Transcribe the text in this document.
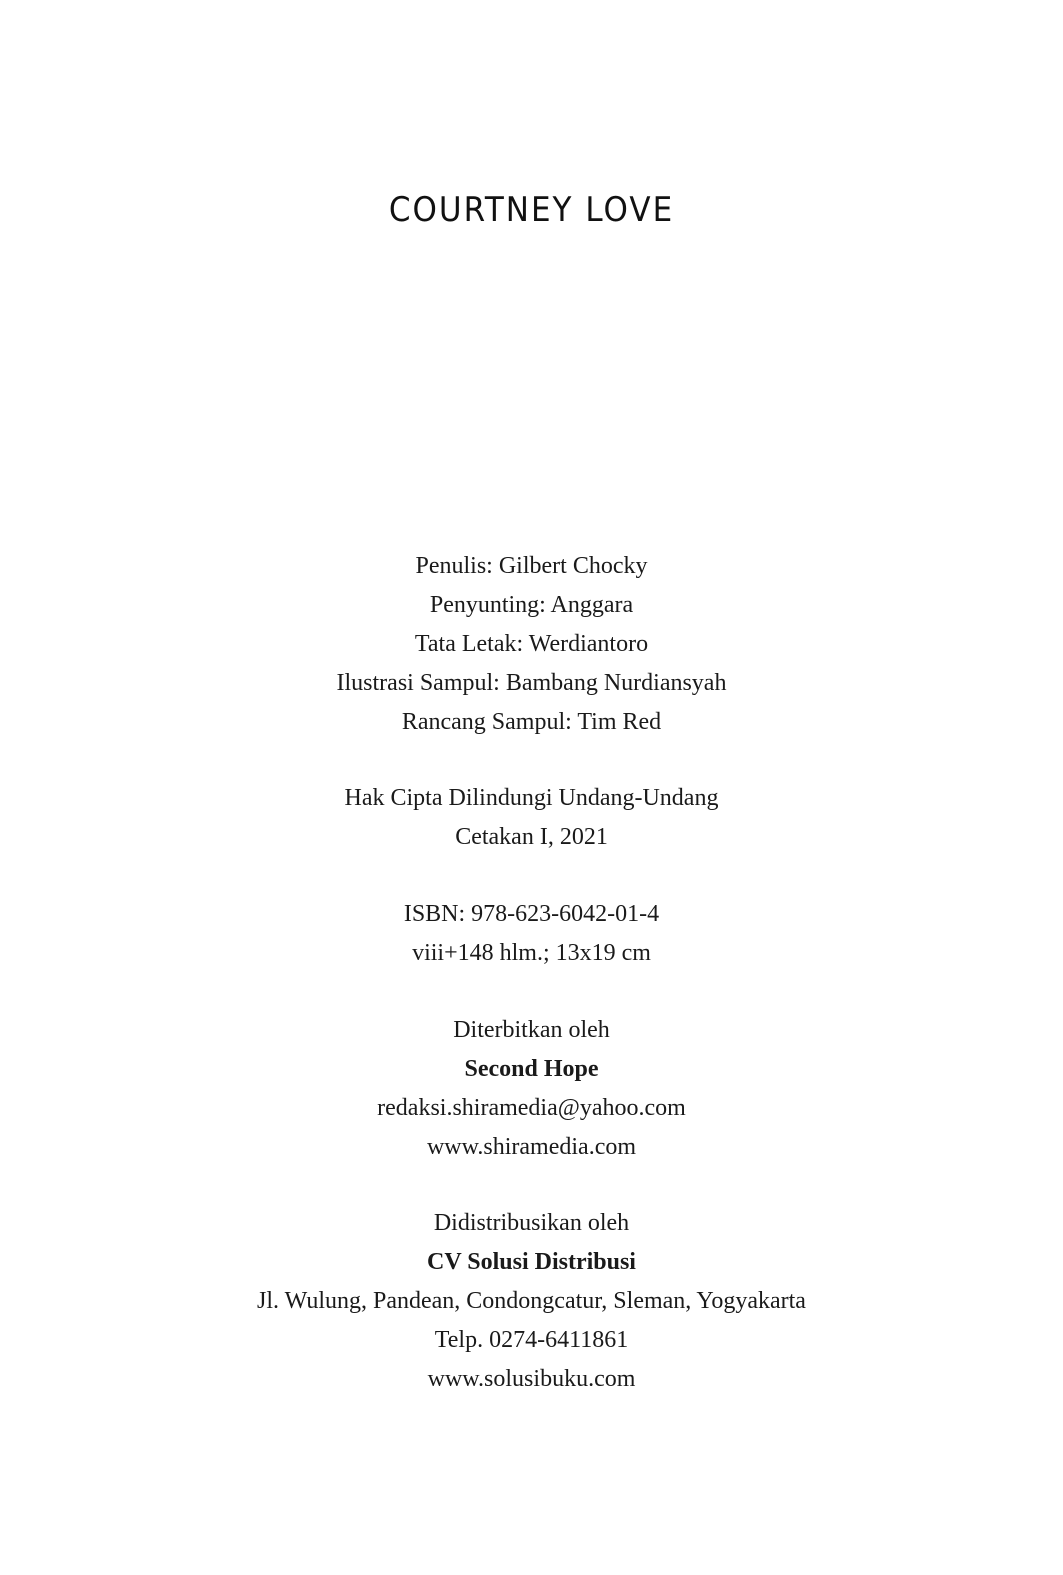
COURTNEY LOVE
Penulis: Gilbert Chocky
Penyunting: Anggara
Tata Letak: Werdiantoro
Ilustrasi Sampul: Bambang Nurdiansyah
Rancang Sampul: Tim Red
Hak Cipta Dilindungi Undang-Undang
Cetakan I, 2021
ISBN: 978-623-6042-01-4
viii+148 hlm.; 13x19 cm
Diterbitkan oleh
Second Hope
redaksi.shiramedia@yahoo.com
www.shiramedia.com
Didistribusikan oleh
CV Solusi Distribusi
Jl. Wulung, Pandean, Condongcatur, Sleman, Yogyakarta
Telp. 0274-6411861
www.solusibuku.com
